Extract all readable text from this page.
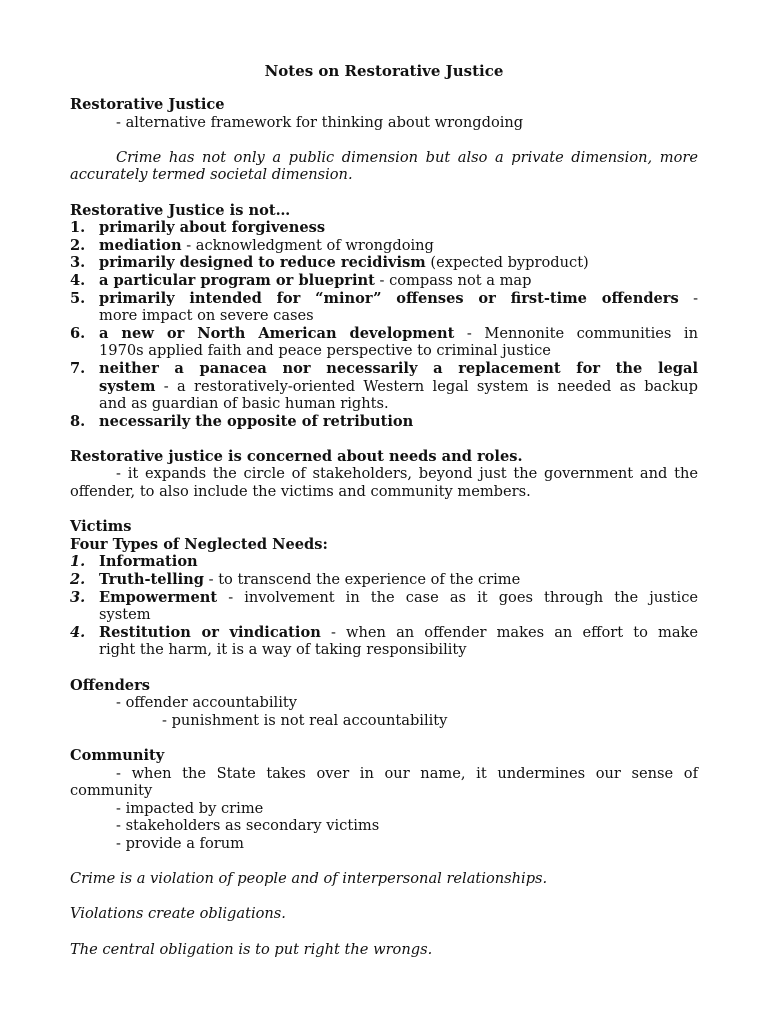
Notes on Restorative Justice
Restorative Justice
- alternative framework for thinking about wrongdoing
Crime has not only a public dimension but also a private dimension, more
accurately termed societal dimension.
Restorative Justice is not…
1. primarily about forgiveness
2. mediation - acknowledgment of wrongdoing
3. primarily designed to reduce recidivism (expected byproduct)
4. a particular program or blueprint - compass not a map
5. primarily intended for “minor” offenses or first-time offenders -
more impact on severe cases
6. a new or North American development - Mennonite communities in
1970s applied faith and peace perspective to criminal justice
7. neither a panacea nor necessarily a replacement for the legal
system - a restoratively-oriented Western legal system is needed as backup
and as guardian of basic human rights.
8. necessarily the opposite of retribution
Restorative justice is concerned about needs and roles.
- it expands the circle of stakeholders, beyond just the government and the
offender, to also include the victims and community members.
Victims
Four Types of Neglected Needs:
1. Information
2. Truth-telling - to transcend the experience of the crime
3. Empowerment - involvement in the case as it goes through the justice
system
4. Restitution or vindication - when an offender makes an effort to make
right the harm, it is a way of taking responsibility
Offenders
- offender accountability
- punishment is not real accountability
Community
- when the State takes over in our name, it undermines our sense of
community
- impacted by crime
- stakeholders as secondary victims
- provide a forum
Crime is a violation of people and of interpersonal relationships.
Violations create obligations.
The central obligation is to put right the wrongs.
